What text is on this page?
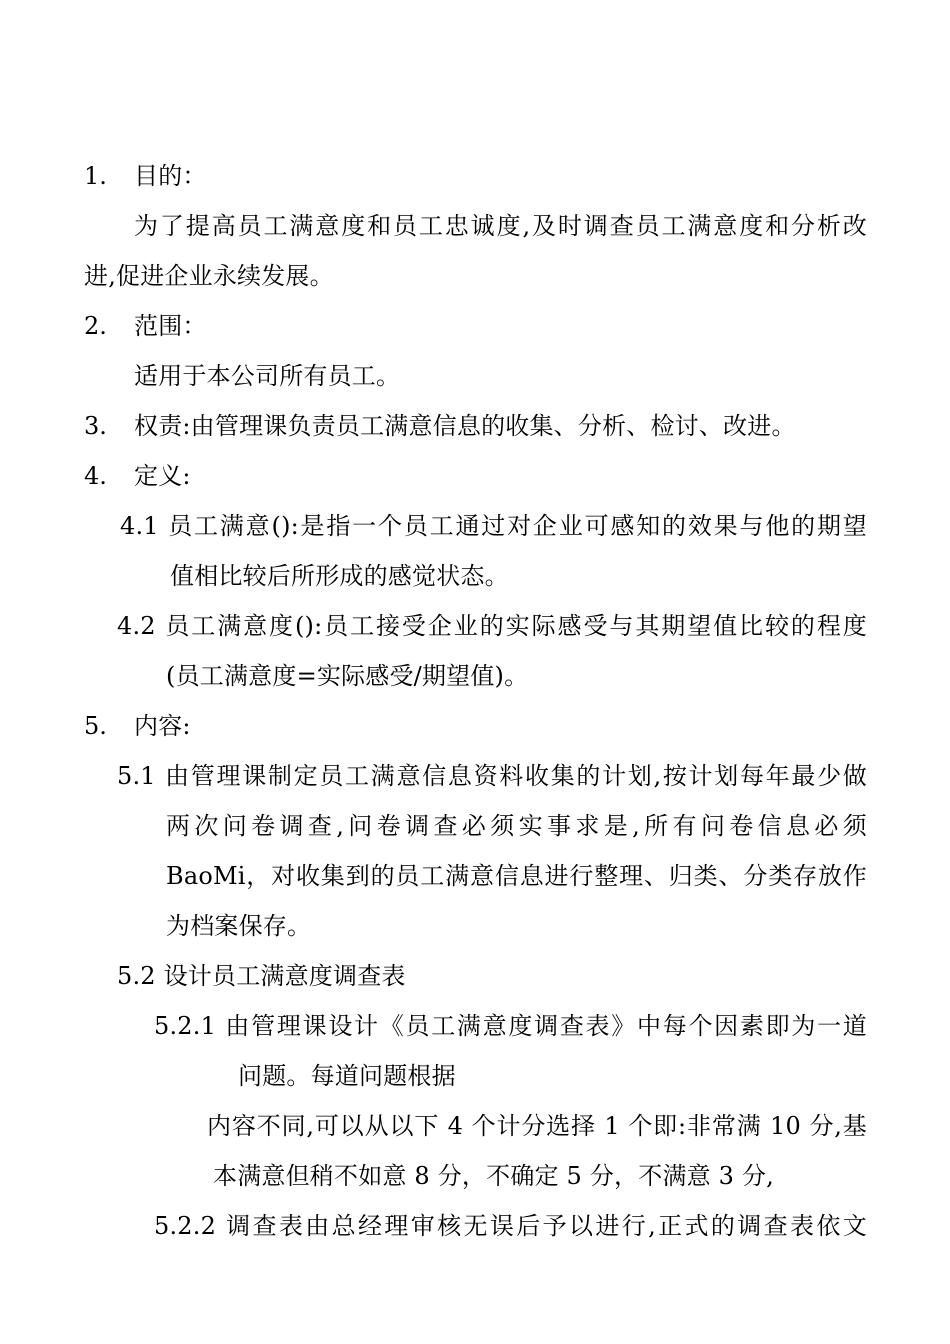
1. 目的：
为了提高员工满意度和员工忠诚度,及时调查员工满意度和分析改
进,促进企业永续发展。
2. 范围：
适用于本公司所有员工。
3. 权责:由管理课负责员工满意信息的收集、分析、检讨、改进。
4. 定义:
4.1 员工满意():是指一个员工通过对企业可感知的效果与他的期望
值相比较后所形成的感觉状态。
4.2 员工满意度():员工接受企业的实际感受与其期望值比较的程度
(员工满意度=实际感受/期望值)。
5. 内容:
5.1 由管理课制定员工满意信息资料收集的计划,按计划每年最少做
两次问卷调查,问卷调查必须实事求是,所有问卷信息必须
BaoMi，对收集到的员工满意信息进行整理、归类、分类存放作
为档案保存。
5.2 设计员工满意度调查表
5.2.1 由管理课设计《员工满意度调查表》中每个因素即为一道
问题。每道问题根据
内容不同,可以从以下 4 个计分选择 1 个即:非常满 10 分,基
本满意但稍不如意 8 分，不确定 5 分，不满意 3 分,
5.2.2 调查表由总经理审核无误后予以进行,正式的调查表依文
